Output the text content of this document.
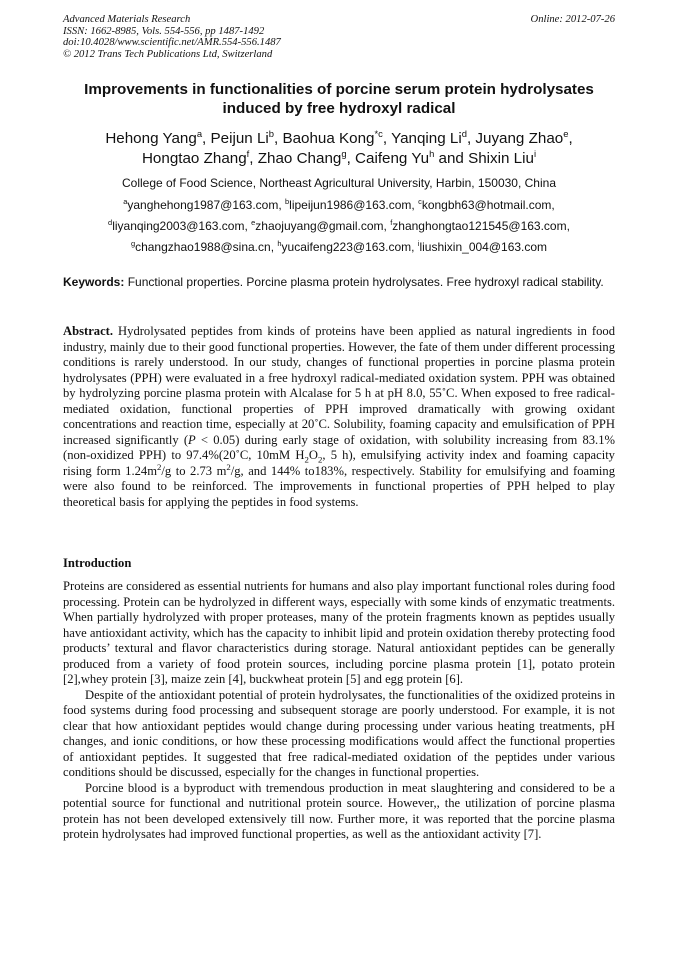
Advanced Materials Research
ISSN: 1662-8985, Vols. 554-556, pp 1487-1492
doi:10.4028/www.scientific.net/AMR.554-556.1487
© 2012 Trans Tech Publications Ltd, Switzerland
Online: 2012-07-26
Improvements in functionalities of porcine serum protein hydrolysates induced by free hydroxyl radical
Hehong Yang$^a$, Peijun Li$^b$, Baohua Kong$^{*c}$, Yanqing Li$^d$, Juyang Zhao$^e$,
Hongtao Zhang$^f$, Zhao Chang$^g$, Caifeng Yu$^h$ and Shixin Liu$^i$
College of Food Science, Northeast Agricultural University, Harbin, 150030, China
$^a$yanghehong1987@163.com, $^b$lipeijun1986@163.com, $^c$kongbh63@hotmail.com,
$^d$liyanqing2003@163.com, $^e$zhaojuyang@gmail.com, $^f$zhanghongtao121545@163.com,
$^g$changzhao1988@sina.cn, $^h$yucaifeng223@163.com, $^i$liushixin_004@163.com
Keywords: Functional properties. Porcine plasma protein hydrolysates. Free hydroxyl radical stability.
Abstract. Hydrolysated peptides from kinds of proteins have been applied as natural ingredients in food industry, mainly due to their good functional properties. However, the fate of them under different processing conditions is rarely understood. In our study, changes of functional properties in porcine plasma protein hydrolysates (PPH) were evaluated in a free hydroxyl radical-mediated oxidation system. PPH was obtained by hydrolyzing porcine plasma protein with Alcalase for 5 h at pH 8.0, 55˚C. When exposed to free radical-mediated oxidation, functional properties of PPH improved dramatically with growing oxidant concentrations and reaction time, especially at 20˚C. Solubility, foaming capacity and emulsification of PPH increased significantly (P < 0.05) during early stage of oxidation, with solubility increasing from 83.1% (non-oxidized PPH) to 97.4%(20˚C, 10mM $H_2O_2$, 5 h), emulsifying activity index and foaming capacity rising form $1.24m^2/g$ to 2.73 $m^2/g$, and 144% to183%, respectively. Stability for emulsifying and foaming were also found to be reinforced. The improvements in functional properties of PPH helped to play theoretical basis for applying the peptides in food systems.
Introduction

Proteins are considered as essential nutrients for humans and also play important functional roles during food processing. Protein can be hydrolyzed in different ways, especially with some kinds of enzymatic treatments. When partially hydrolyzed with proper proteases, many of the protein fragments known as peptides usually have antioxidant activity, which has the capacity to inhibit lipid and protein oxidation thereby protecting food products’ textural and flavor characteristics during storage. Natural antioxidant peptides can be generally produced from a variety of food protein sources, including porcine plasma protein [1], potato protein [2],whey protein [3], maize zein [4], buckwheat protein [5] and egg protein [6].

Despite of the antioxidant potential of protein hydrolysates, the functionalities of the oxidized proteins in food systems during food processing and subsequent storage are poorly understood. For example, it is not clear that how antioxidant peptides would change during processing under various heating treatments, pH changes, and ionic conditions, or how these processing modifications would affect the functional properties of antioxidant peptides. It suggested that free radical-mediated oxidation of the peptides under various conditions should be discussed, especially for the changes in functional properties.

Porcine blood is a byproduct with tremendous production in meat slaughtering and considered to be a potential source for functional and nutritional protein source. However,, the utilization of porcine plasma protein has not been developed extensively till now. Further more, it was reported that the porcine plasma protein hydrolysates had improved functional properties, as well as the antioxidant activity [7].
